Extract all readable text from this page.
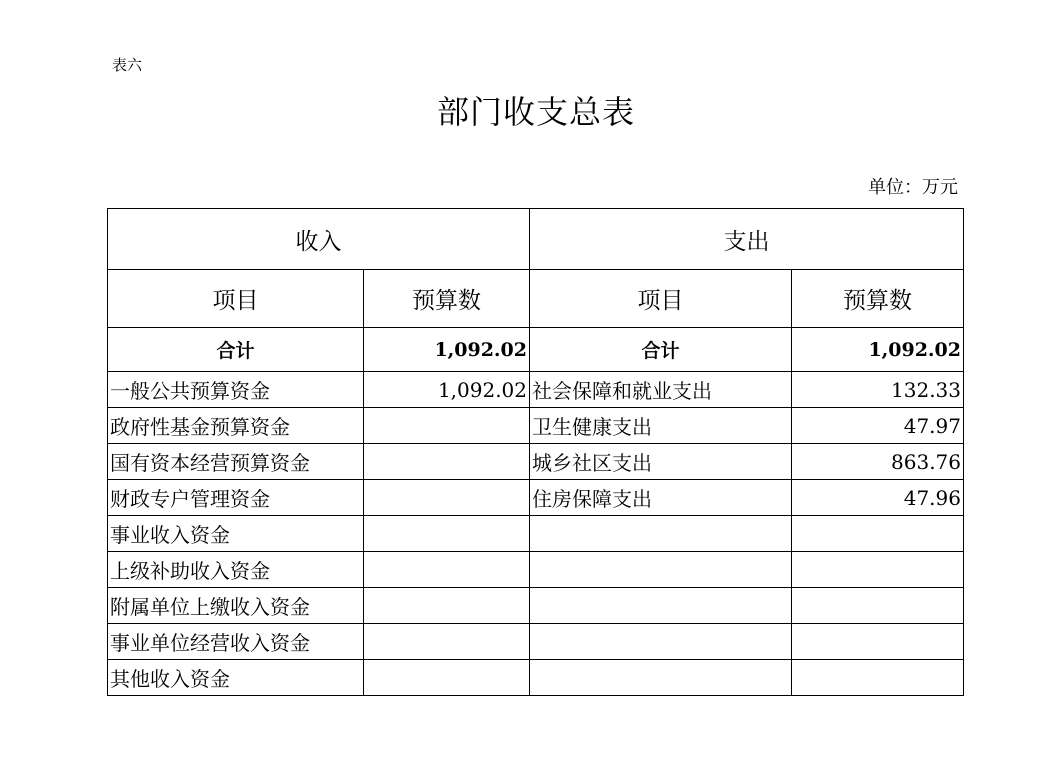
表六
部门收支总表
单位：万元
收入		支出	
项目	预算数	项目	预算数
合计	1,092.02	合计	1,092.02
一般公共预算资金	1,092.02	社会保障和就业支出	132.33
政府性基金预算资金		卫生健康支出	47.97
国有资本经营预算资金		城乡社区支出	863.76
财政专户管理资金		住房保障支出	47.96
事业收入资金			
上级补助收入资金			
附属单位上缴收入资金			
事业单位经营收入资金			
其他收入资金			
